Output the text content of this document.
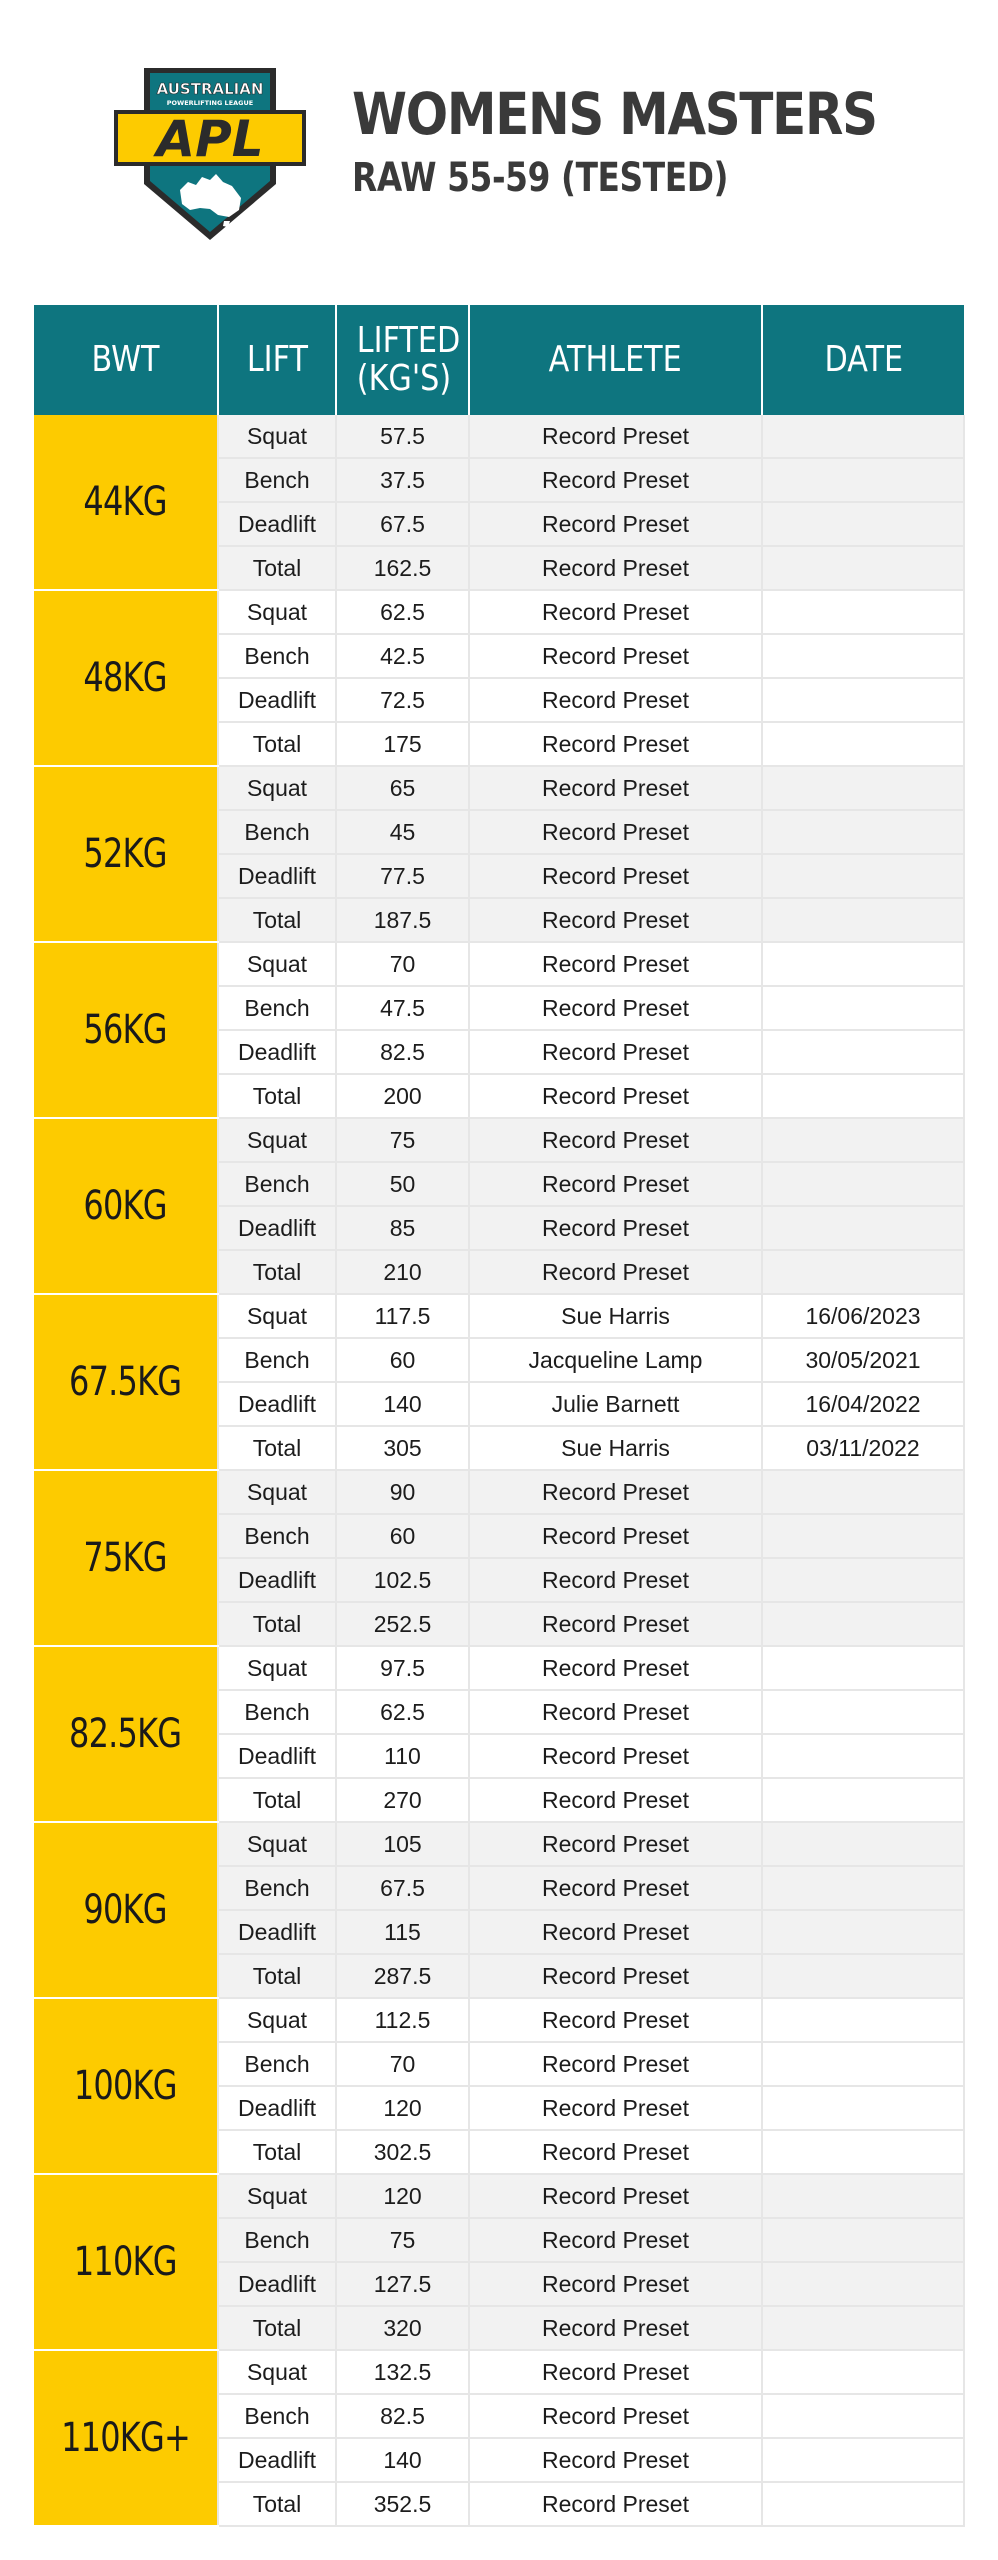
AUSTRALIAN
POWERLIFTING LEAGUE
APL WOMENS MASTERS
RAW 55-59 (TESTED)
BWT	LIFT	LIFTED (KG'S)	ATHLETE	DATE
44KG	Squat	57.5	Record Preset	
	Bench	37.5	Record Preset	
	Deadlift	67.5	Record Preset	
	Total	162.5	Record Preset	
48KG	Squat	62.5	Record Preset	
	Bench	42.5	Record Preset	
	Deadlift	72.5	Record Preset	
	Total	175	Record Preset	
52KG	Squat	65	Record Preset	
	Bench	45	Record Preset	
	Deadlift	77.5	Record Preset	
	Total	187.5	Record Preset	
56KG	Squat	70	Record Preset	
	Bench	47.5	Record Preset	
	Deadlift	82.5	Record Preset	
	Total	200	Record Preset	
60KG	Squat	75	Record Preset	
	Bench	50	Record Preset	
	Deadlift	85	Record Preset	
	Total	210	Record Preset	
67.5KG	Squat	117.5	Sue Harris	16/06/2023
	Bench	60	Jacqueline Lamp	30/05/2021
	Deadlift	140	Julie Barnett	16/04/2022
	Total	305	Sue Harris	03/11/2022
75KG	Squat	90	Record Preset	
	Bench	60	Record Preset	
	Deadlift	102.5	Record Preset	
	Total	252.5	Record Preset	
82.5KG	Squat	97.5	Record Preset	
	Bench	62.5	Record Preset	
	Deadlift	110	Record Preset	
	Total	270	Record Preset	
90KG	Squat	105	Record Preset	
	Bench	67.5	Record Preset	
	Deadlift	115	Record Preset	
	Total	287.5	Record Preset	
100KG	Squat	112.5	Record Preset	
	Bench	70	Record Preset	
	Deadlift	120	Record Preset	
	Total	302.5	Record Preset	
110KG	Squat	120	Record Preset	
	Bench	75	Record Preset	
	Deadlift	127.5	Record Preset	
	Total	320	Record Preset	
110KG+	Squat	132.5	Record Preset	
	Bench	82.5	Record Preset	
	Deadlift	140	Record Preset	
	Total	352.5	Record Preset	
